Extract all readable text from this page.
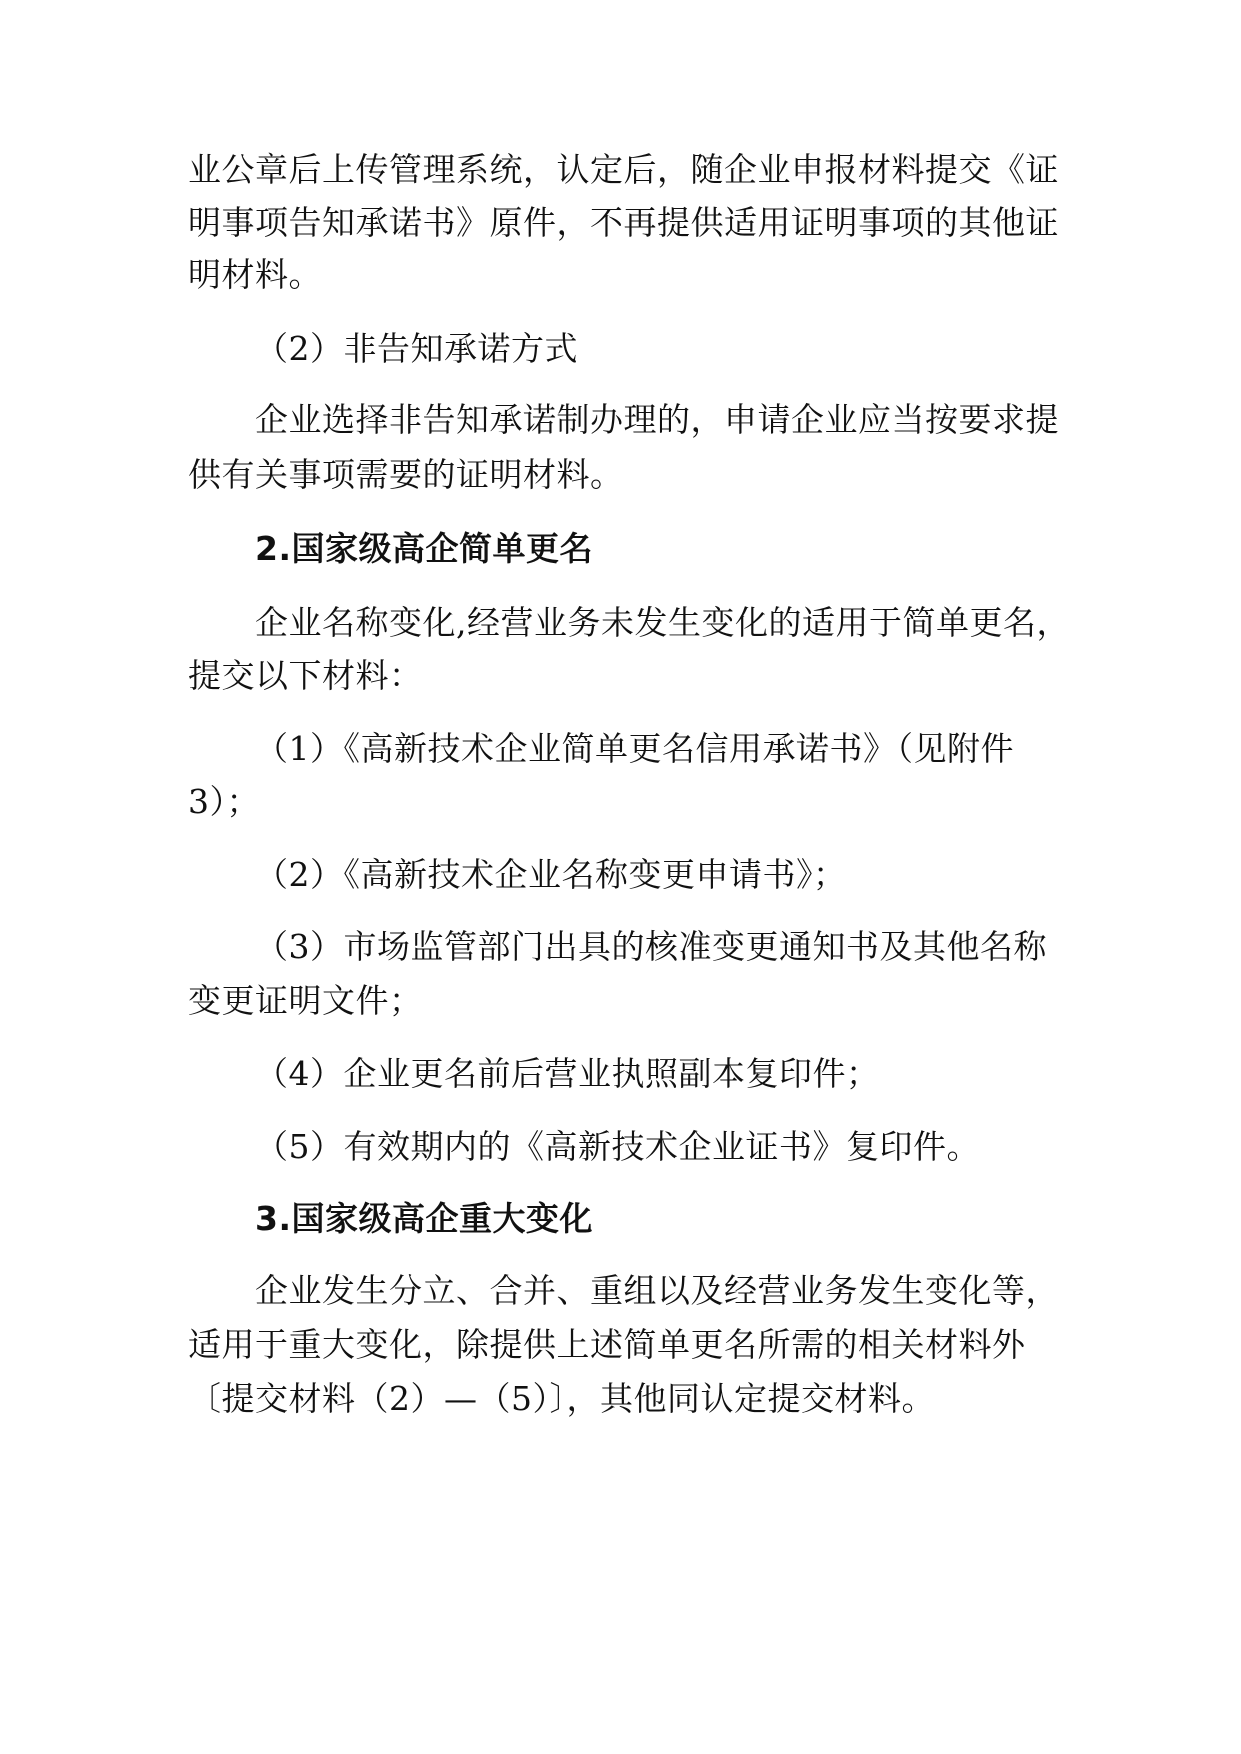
业公章后上传管理系统，认定后，随企业申报材料提交《证
明事项告知承诺书》原件，不再提供适用证明事项的其他证
明材料。
（2）非告知承诺方式
企业选择非告知承诺制办理的，申请企业应当按要求提
供有关事项需要的证明材料。
2.国家级高企简单更名
企业名称变化,经营业务未发生变化的适用于简单更名，
提交以下材料：
（1）《高新技术企业简单更名信用承诺书》（见附件
3）；
（2）《高新技术企业名称变更申请书》；
（3）市场监管部门出具的核准变更通知书及其他名称
变更证明文件；
（4）企业更名前后营业执照副本复印件；
（5）有效期内的《高新技术企业证书》复印件。
3.国家级高企重大变化
企业发生分立、合并、重组以及经营业务发生变化等，
适用于重大变化，除提供上述简单更名所需的相关材料外
〔提交材料（2）—（5）〕，其他同认定提交材料。
